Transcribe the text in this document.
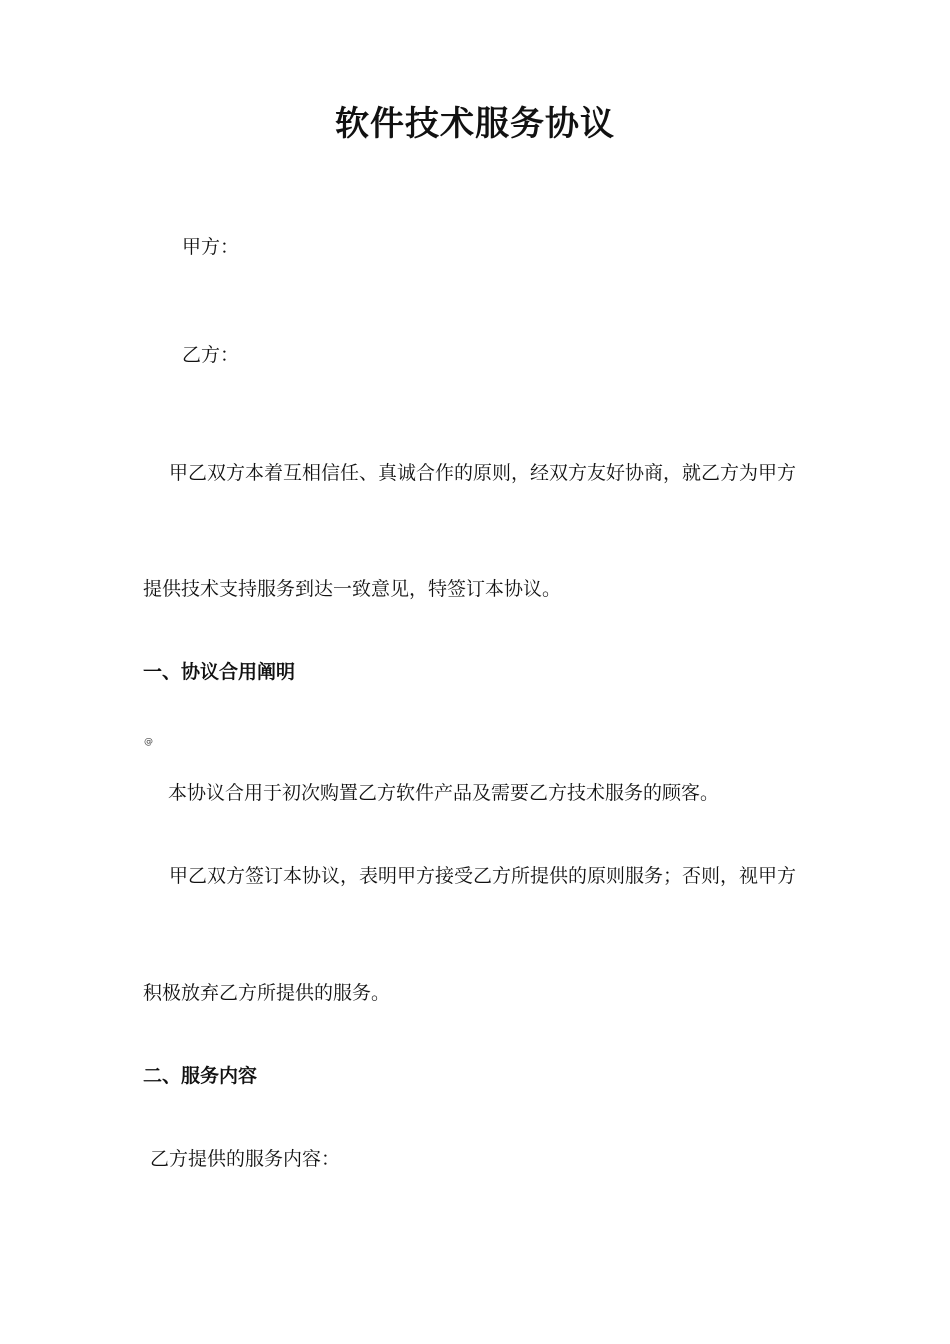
软件技术服务协议
甲方：
乙方：
甲乙双方本着互相信任、真诚合作的原则，经双方友好协商，就乙方为甲方
提供技术支持服务到达一致意见，特签订本协议。
一、协议合用阐明
@
本协议合用于初次购置乙方软件产品及需要乙方技术服务的顾客。
甲乙双方签订本协议，表明甲方接受乙方所提供的原则服务；否则，视甲方
积极放弃乙方所提供的服务。
二、服务内容
乙方提供的服务内容：
